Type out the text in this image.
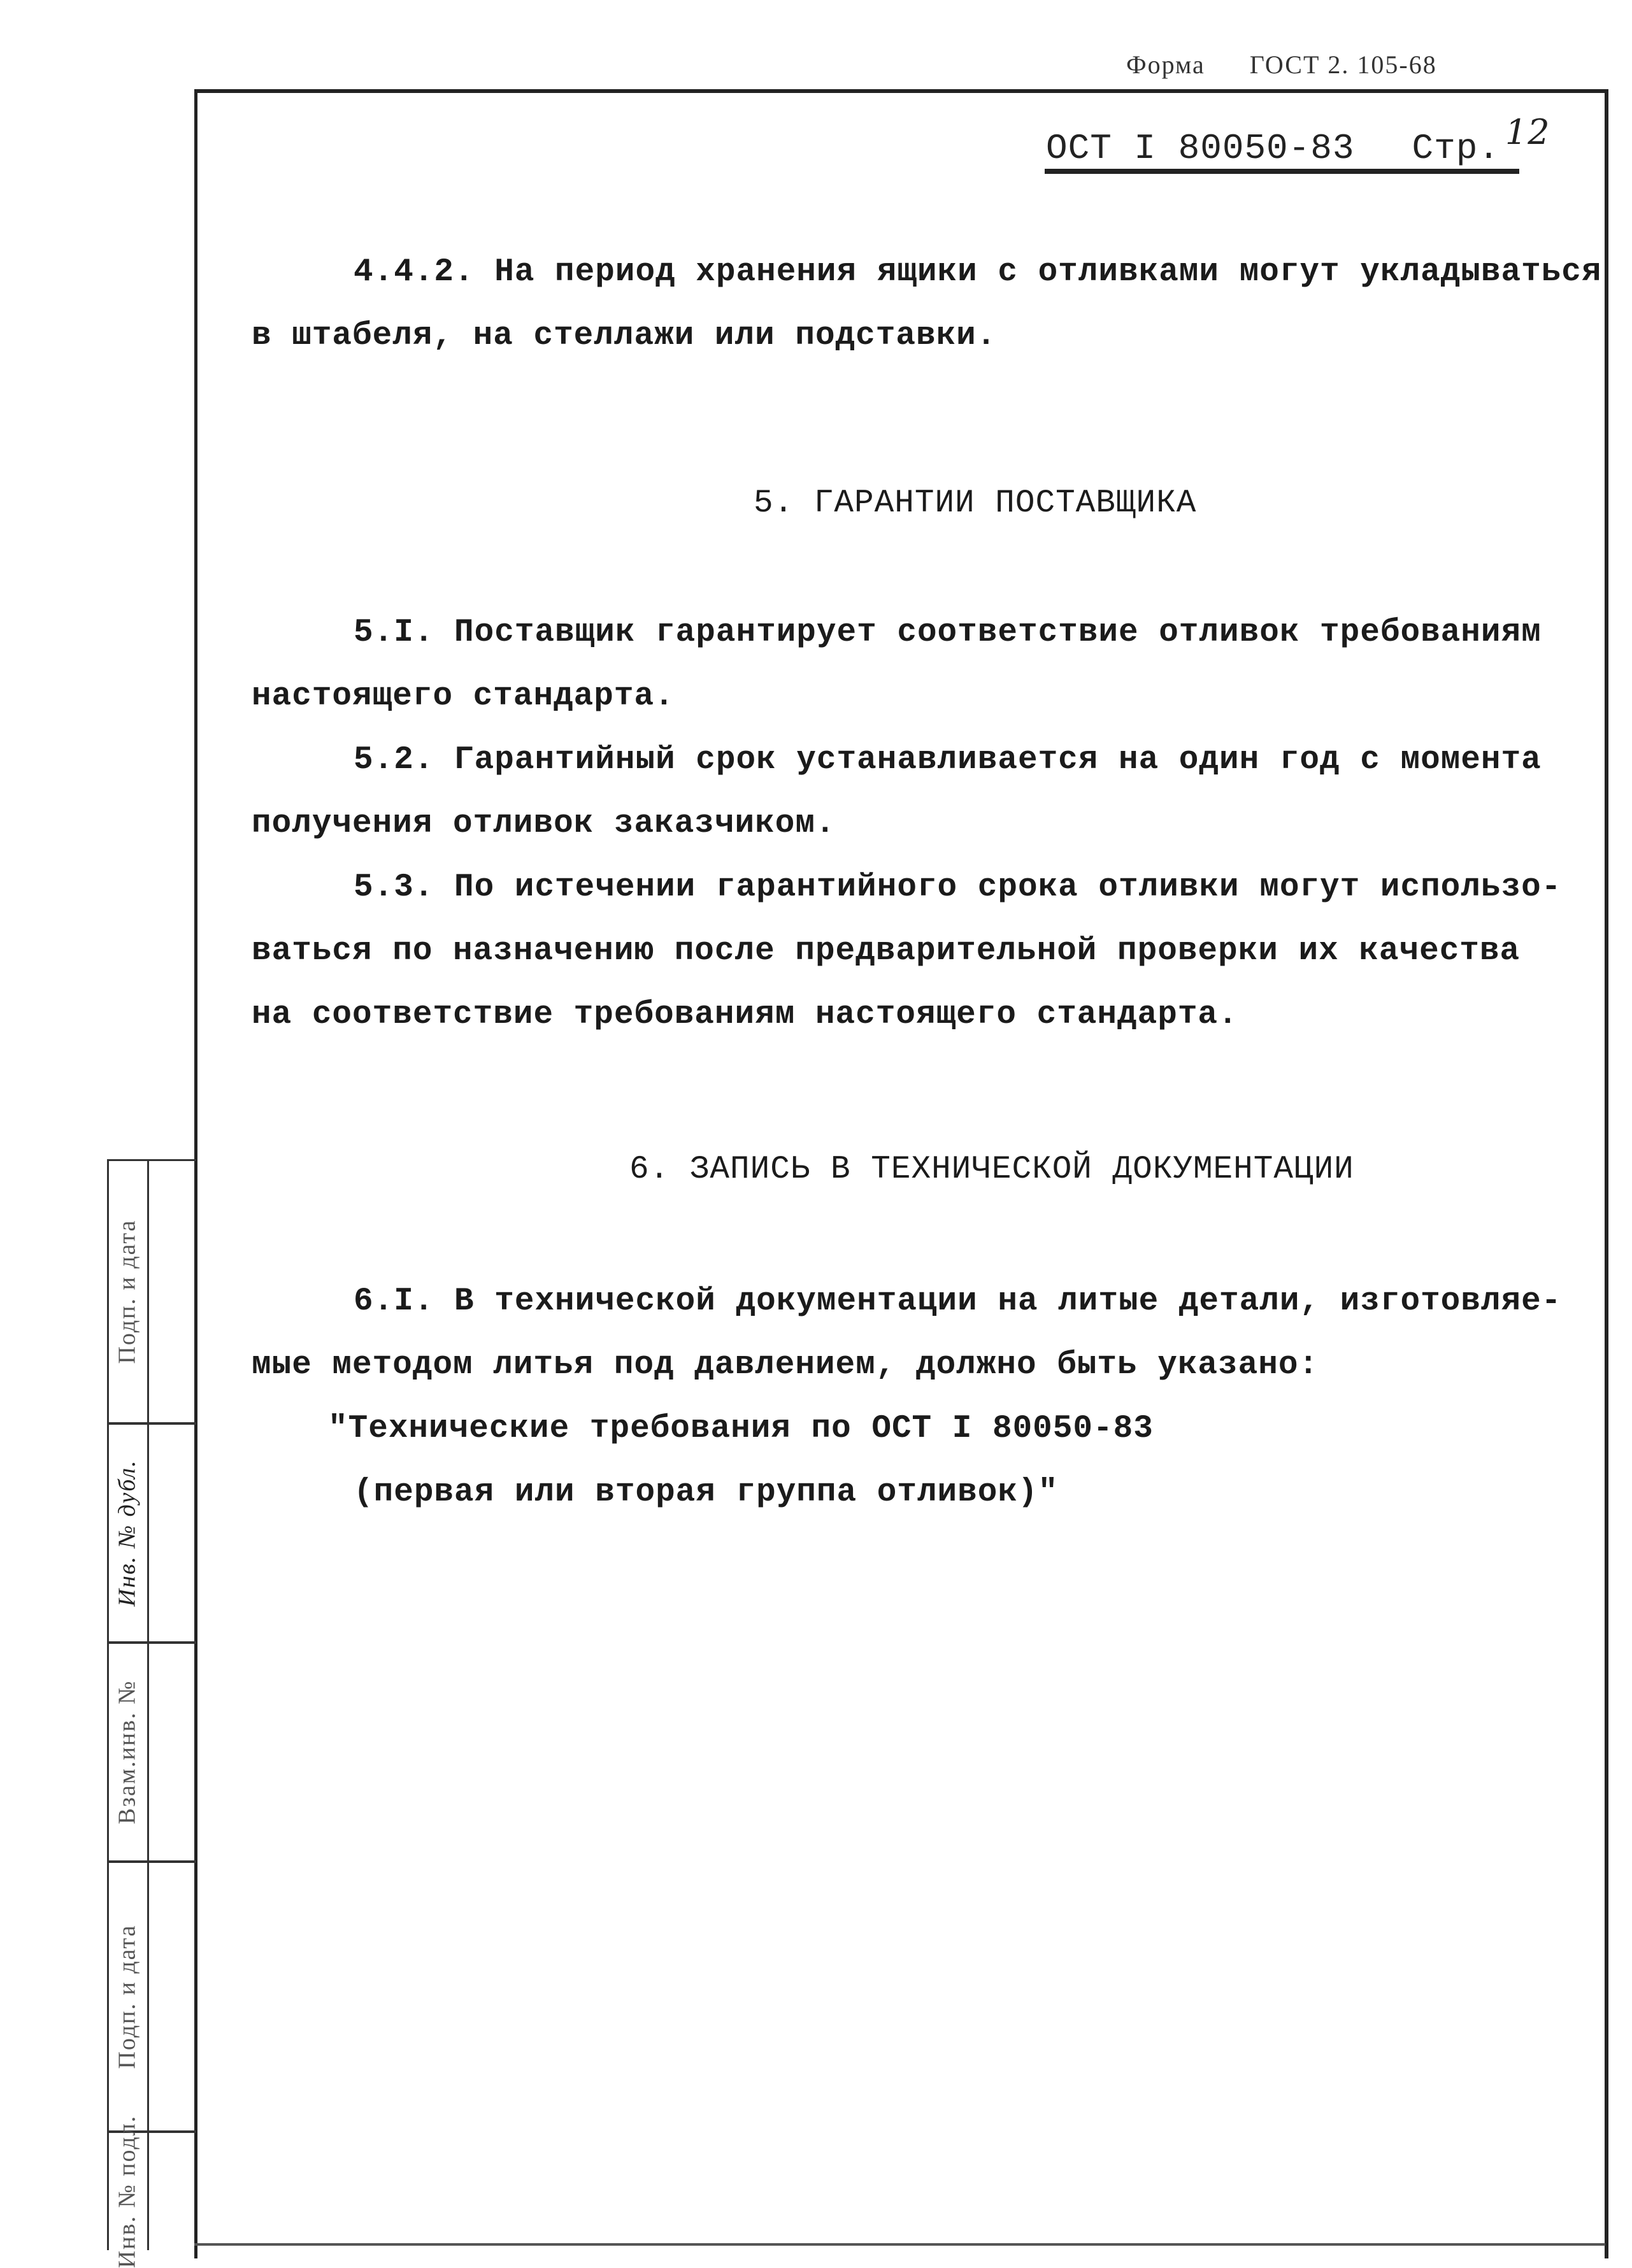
Форма ГОСТ 2. 105-68
ОСТ I 80050-83 Стр. 12
4.4.2. На период хранения ящики с отливками могут укладываться
в штабеля, на стеллажи или подставки.
5. ГАРАНТИИ ПОСТАВЩИКА
5.I. Поставщик гарантирует соответствие отливок требованиям
настоящего стандарта.
5.2. Гарантийный срок устанавливается на один год с момента
получения отливок заказчиком.
5.3. По истечении гарантийного срока отливки могут использо-
ваться по назначению после предварительной проверки их качества
на соответствие требованиям настоящего стандарта.
6. ЗАПИСЬ В ТЕХНИЧЕСКОЙ ДОКУМЕНТАЦИИ
6.I. В технической документации на литые детали, изготовляе-
мые методом литья под давлением, должно быть указано:
"Технические требования по ОСТ I 80050-83
(первая или вторая группа отливок)"
Подп. и дата
Инв. № дубл.
Взам.инв. №
Подп. и дата
Инв. № подл.
